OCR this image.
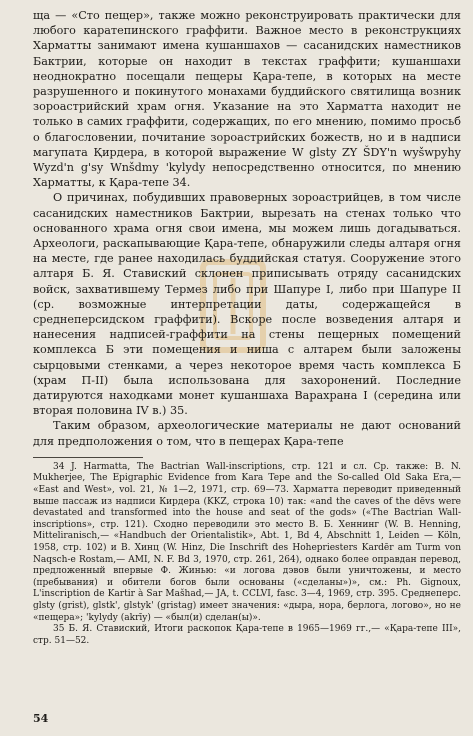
ща — «Сто пещер», также можно реконструировать практически для любого каратепинского граффити. Важное место в реконструкциях Харматты занимают имена кушаншахов — сасанидских наместников Бактрии, которые он находит в текстах граффити; кушаншахи неоднократно посещали пещеры Қара-тепе, в которых на месте разрушенного и покинутого монахами буддийского святилища возник зороастрийский храм огня. Указание на это Харматта находит не только в самих граффити, содержащих, по его мнению, помимо просьб о благословении, почитание зороастрийских божеств, но и в надписи магупата Қирдера, в которой выражение W glsty ZY ŠDY'n wyšwpyhy Wyzd'n g'sy Wnšdmy 'kylydy непосредственно относится, по мнению Харматты, к Қара-тепе 34.

О причинах, побудивших правоверных зороастрийцев, в том числе сасанидских наместников Бактрии, вырезать на стенах только что основанного храма огня свои имена, мы можем лишь догадываться. Археологи, раскапывающие Қара-тепе, обнаружили следы алтаря огня на месте, где ранее находилась буддийская статуя. Сооружение этого алтаря Б. Я. Ставиский склонен приписывать отряду сасанидских войск, захватившему Термез либо при Шапуре I, либо при Шапуре II (ср. возможные интерпретации даты, содержащейся в среднеперсидском граффити). Вскоре после возведения алтаря и нанесения надписей-граффити на стены пещерных помещений комплекса Б эти помещения и ниша с алтарем были заложены сырцовыми стенками, а через некоторое время часть комплекса Б (храм П-II) была использована для захоронений. Последние датируются находками монет кушаншаха Варахрана I (середина или вторая половина IV в.) 35.

Таким образом, археологические материалы не дают оснований для предположения о том, что в пещерах Қара-тепе

34 J. Harmatta, The Bactrian Wall-inscriptions, стр. 121 и сл. Ср. также: B. N. Mukherjee, The Epigraphic Evidence from Kara Tepe and the So-called Old Saka Era,— «East and West», vol. 21, № 1—2, 1971, стр. 69—73. Харматта переводит приведенный выше пассаж из надписи Кирдера (KKZ, строка 10) так: «and the caves of the dēvs were devastated and transformed into the house and seat of the gods» («The Bactrian Wall-inscriptions», стр. 121). Сходно переводили это место В. Б. Хеннинг (W. B. Henning, Mitteliranisch,— «Handbuch der Orientalistik», Abt. 1, Bd 4, Abschnitt 1, Leiden — Köln, 1958, стр. 102) и В. Хинц (W. Hinz, Die Inschrift des Hohepriesters Kardēr am Turm von Naqsch-e Rostam,— AMI, N. F. Bd 3, 1970, стр. 261, 264), однако более оправдан перевод, предложенный впервые Ф. Жинью: «и логова дэвов были уничтожены, и место (пребывания) и обители богов были основаны («сделаны»)», см.: Ph. Gignoux, L'inscription de Kartir à Sar Mašhad,— JA, t. CCLVI, fasc. 3—4, 1969, стр. 395. Среднеперс. glsty (grist), glstk', glstyk' (gristag) имеет значения: «дыра, нора, берлога, логово», но не «пещера»; 'kylydy (akrīy) — «был(и) сделан(ы)».

35 Б. Я. Ставиский, Итоги раскопок Қара-тепе в 1965—1969 гг.,— «Қара-тепе III», стр. 51—52.

54
